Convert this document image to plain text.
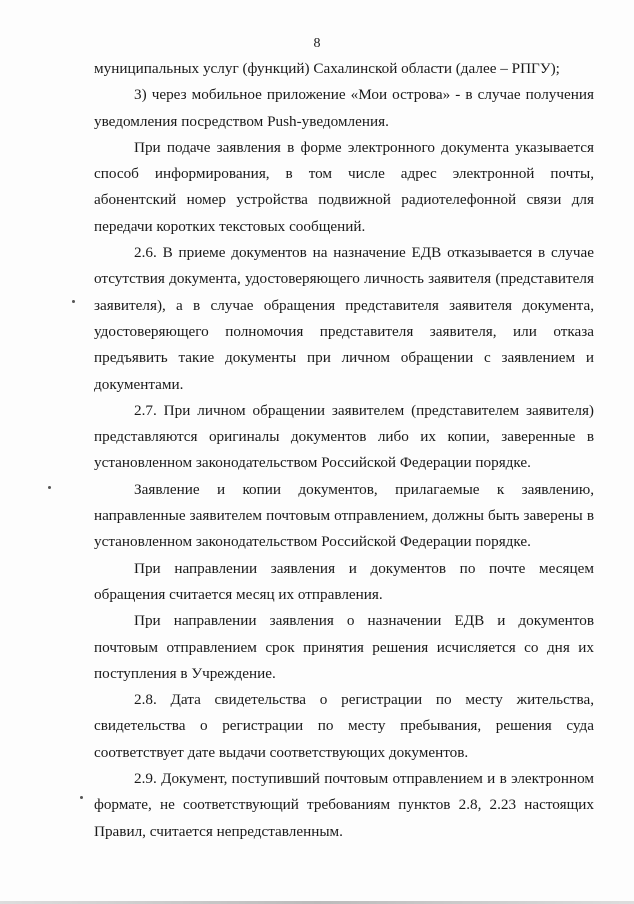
8

муниципальных услуг (функций) Сахалинской области (далее – РПГУ);

3) через мобильное приложение «Мои острова» - в случае получения уведомления посредством Push-уведомления.

При подаче заявления в форме электронного документа указывается способ информирования, в том числе адрес электронной почты, абонентский номер устройства подвижной радиотелефонной связи для передачи коротких текстовых сообщений.

2.6. В приеме документов на назначение ЕДВ отказывается в случае отсутствия документа, удостоверяющего личность заявителя (представителя заявителя), а в случае обращения представителя заявителя документа, удостоверяющего полномочия представителя заявителя, или отказа предъявить такие документы при личном обращении с заявлением и документами.

2.7. При личном обращении заявителем (представителем заявителя) представляются оригиналы документов либо их копии, заверенные в установленном законодательством Российской Федерации порядке.

Заявление и копии документов, прилагаемые к заявлению, направленные заявителем почтовым отправлением, должны быть заверены в установленном законодательством Российской Федерации порядке.

При направлении заявления и документов по почте месяцем обращения считается месяц их отправления.

При направлении заявления о назначении ЕДВ и документов почтовым отправлением срок принятия решения исчисляется со дня их поступления в Учреждение.

2.8. Дата свидетельства о регистрации по месту жительства, свидетельства о регистрации по месту пребывания, решения суда соответствует дате выдачи соответствующих документов.

2.9. Документ, поступивший почтовым отправлением и в электронном формате, не соответствующий требованиям пунктов 2.8, 2.23 настоящих Правил, считается непредставленным.
